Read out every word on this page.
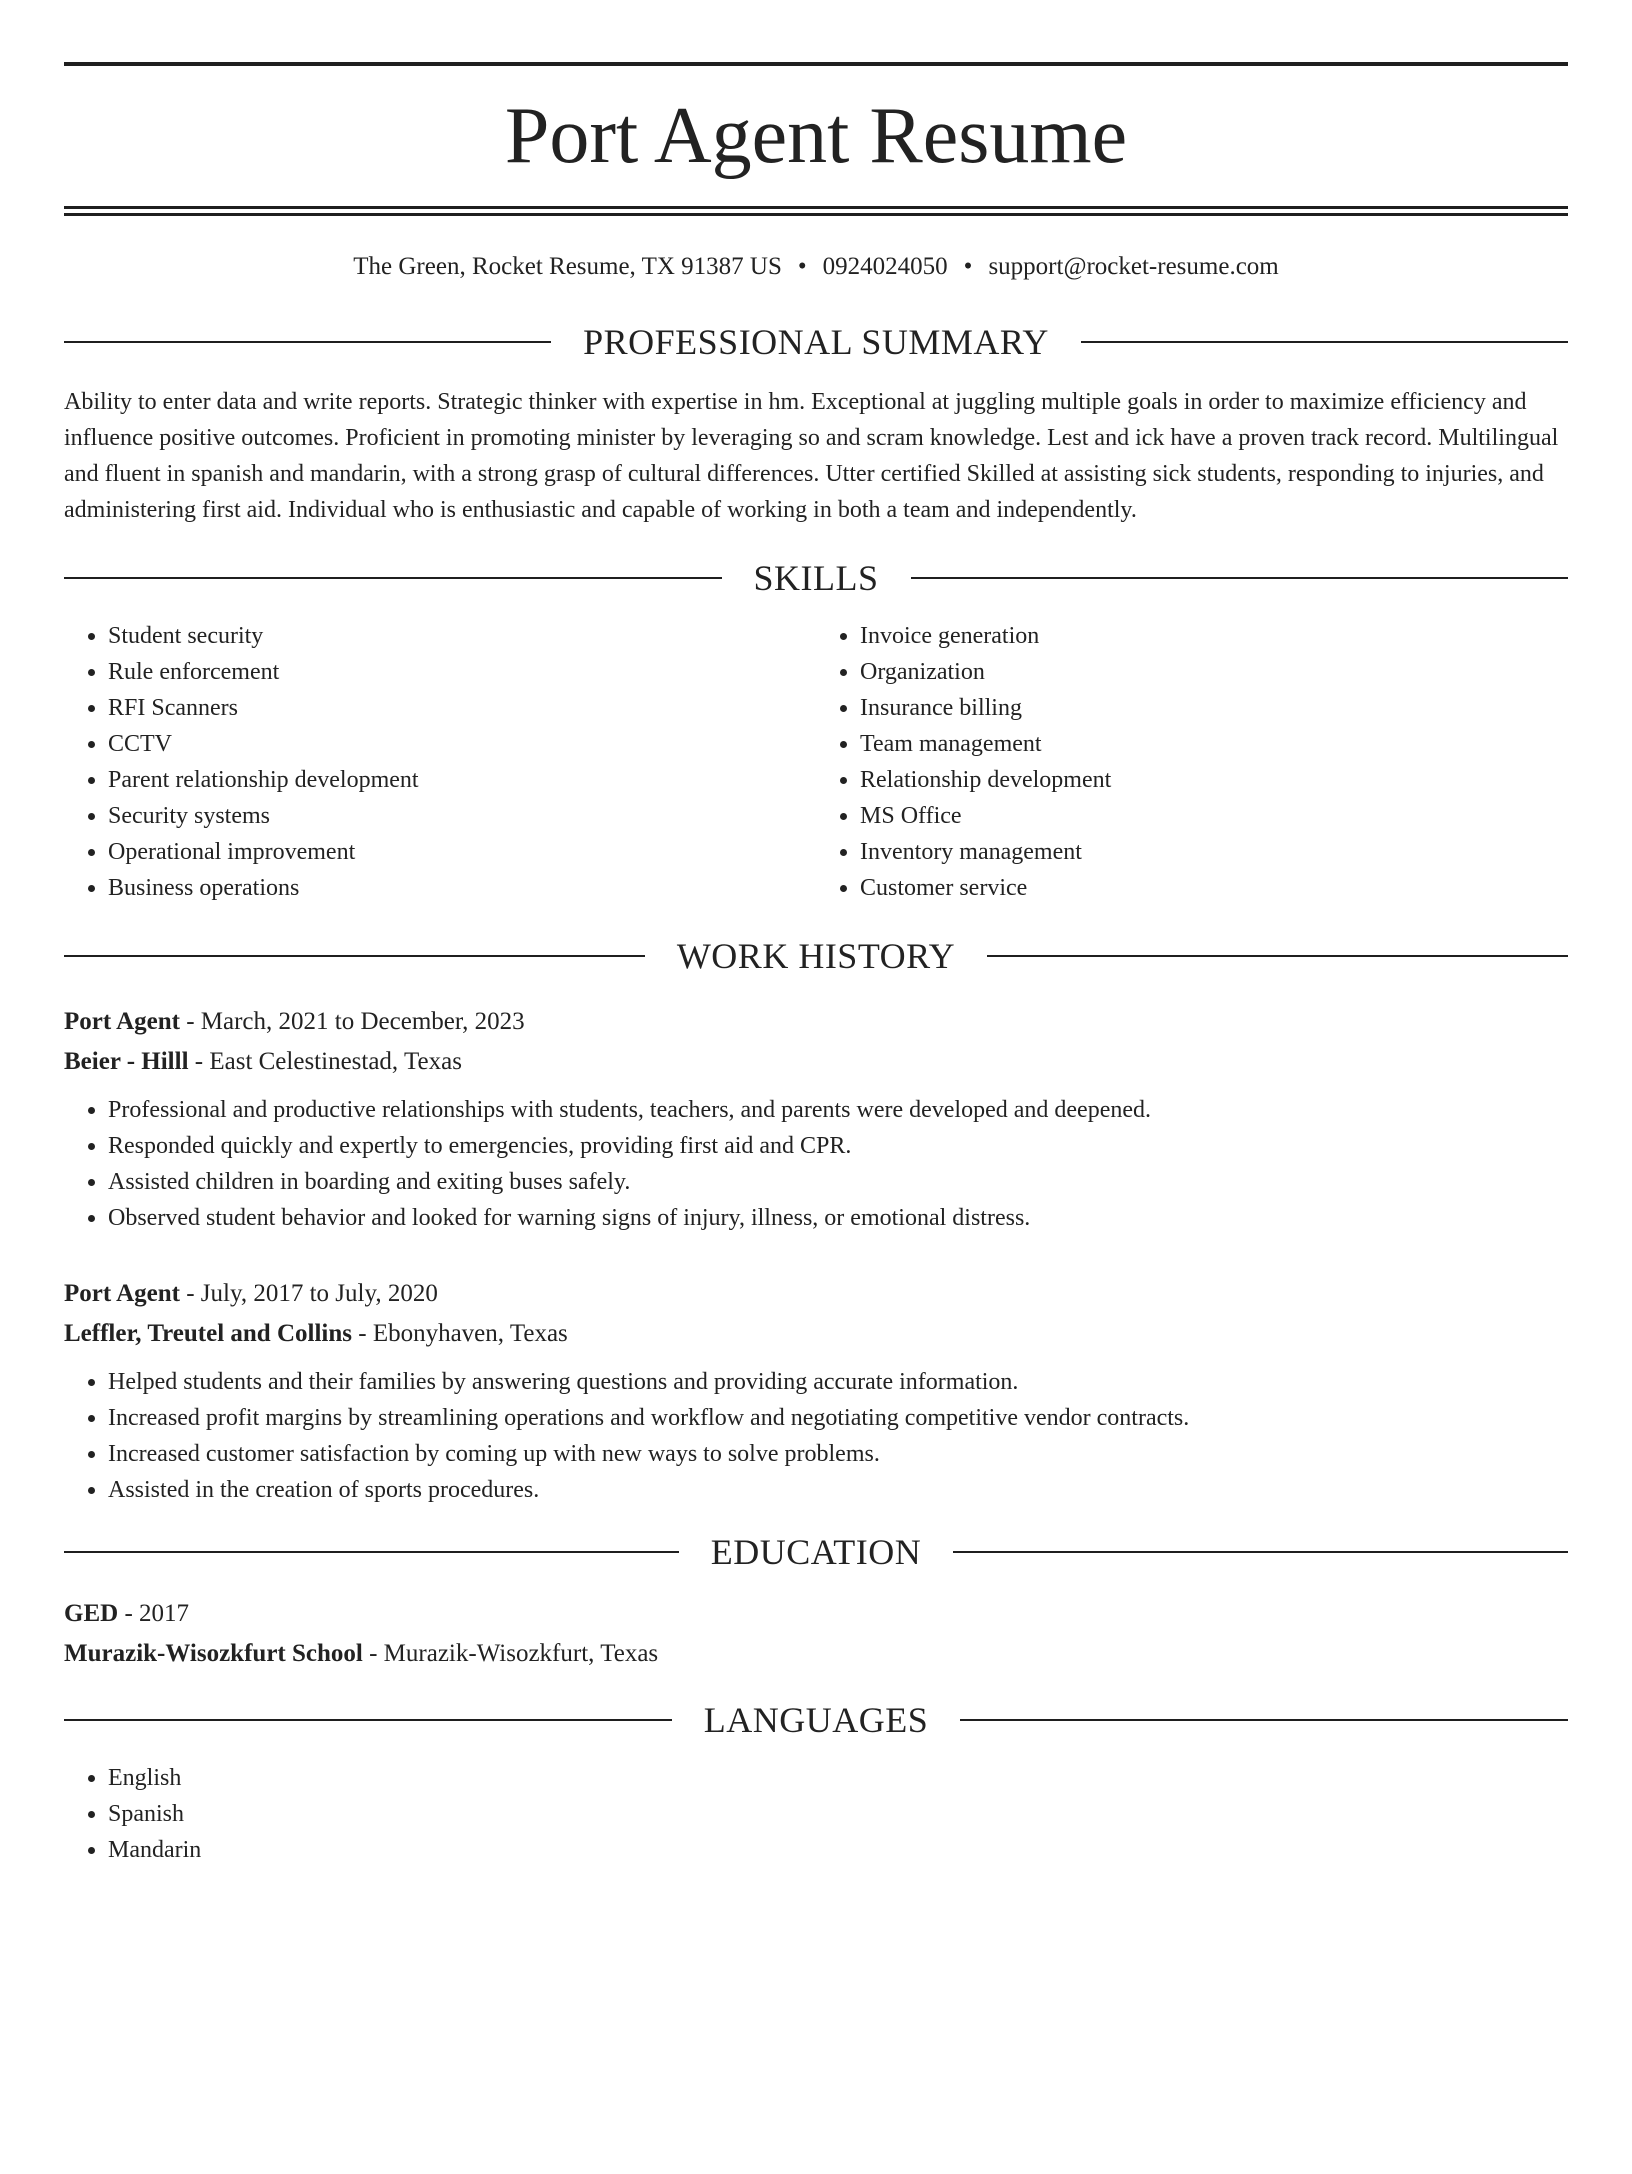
Port Agent Resume
The Green, Rocket Resume, TX 91387 US • 0924024050 • support@rocket-resume.com
PROFESSIONAL SUMMARY
Ability to enter data and write reports. Strategic thinker with expertise in hm. Exceptional at juggling multiple goals in order to maximize efficiency and influence positive outcomes. Proficient in promoting minister by leveraging so and scram knowledge. Lest and ick have a proven track record. Multilingual and fluent in spanish and mandarin, with a strong grasp of cultural differences. Utter certified Skilled at assisting sick students, responding to injuries, and administering first aid. Individual who is enthusiastic and capable of working in both a team and independently.
SKILLS
• Student security
• Rule enforcement
• RFI Scanners
• CCTV
• Parent relationship development
• Security systems
• Operational improvement
• Business operations
• Invoice generation
• Organization
• Insurance billing
• Team management
• Relationship development
• MS Office
• Inventory management
• Customer service
WORK HISTORY
Port Agent - March, 2021 to December, 2023
Beier - Hilll - East Celestinestad, Texas
• Professional and productive relationships with students, teachers, and parents were developed and deepened.
• Responded quickly and expertly to emergencies, providing first aid and CPR.
• Assisted children in boarding and exiting buses safely.
• Observed student behavior and looked for warning signs of injury, illness, or emotional distress.
Port Agent - July, 2017 to July, 2020
Leffler, Treutel and Collins - Ebonyhaven, Texas
• Helped students and their families by answering questions and providing accurate information.
• Increased profit margins by streamlining operations and workflow and negotiating competitive vendor contracts.
• Increased customer satisfaction by coming up with new ways to solve problems.
• Assisted in the creation of sports procedures.
EDUCATION
GED - 2017
Murazik-Wisozkfurt School - Murazik-Wisozkfurt, Texas
LANGUAGES
• English
• Spanish
• Mandarin
